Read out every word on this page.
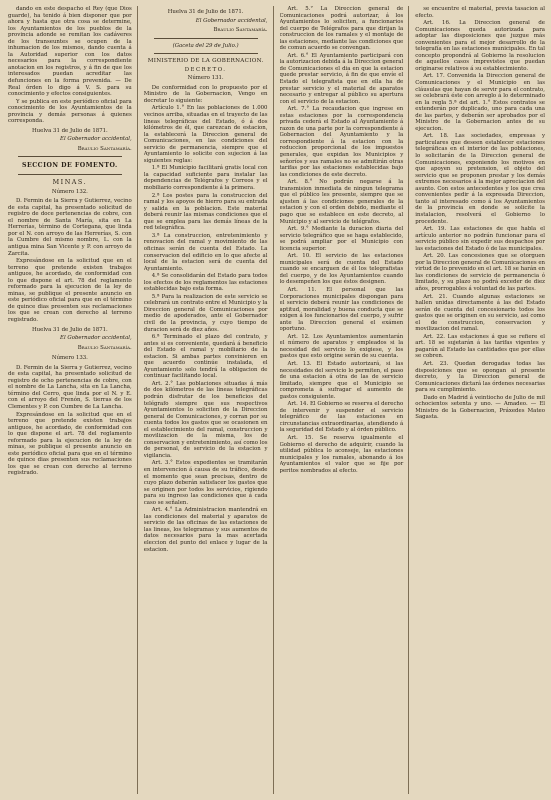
dando en este despacho el Rey (que Dios guarde), ha tenido á bien disponer que por ahora y hasta que otra cosa se determine, los Ayuntamientos de los pueblos de la provincia adonde se remitan los cadáveres de los transeuntes se ocupen de la inhumacion de los mismos, dando cuenta á la Autoridad superior con los datos necesarios para la correspondiente anotacion en los registros, y á fin de que los interesados puedan acreditar las defunciones en la forma prevenida. — De Real órden lo digo á V. S. para su conocimiento y efectos consiguientes.

Y se publica en este periódico oficial para conocimiento de los Ayuntamientos de la provincia y demás personas á quienes corresponda.

Huelva 31 de Julio de 1871.

El Gobernador accidental,

Braulio Santamaría.

SECCION DE FOMENTO.
MINAS.
Número 132.

D. Fermin de la Sierra y Gutierrez, vecino de esta capital, ha presentado solicitud de registro de doce pertenencias de cobre, con el nombre de Santa María, sita en La Herrerías, término de Cortegana, que linda por el N. con arroyo de las Herrerías, S. con la Cumbre del mismo nombre, L. con la antigua mina San Vicente y P. con arroyo de Zarcita.

Expresándose en la solicitud que en el terreno que pretende existen trabajos antiguos, he acordado, de conformidad con lo que dispone el art. 78 del reglamento reformado para la ejecucion de la ley de minas, se publique el presente anuncio en este periódico oficial para que en el término de quince dias presenten sus reclamaciones los que se crean con derecho al terreno registrado.

Huelva 31 de Julio de 1871.

El Gobernador accidental,

Braulio Santamaría.

Número 133.

D. Fermin de la Sierra y Gutierrez, vecino de esta capital, ha presentado solicitud de registro de ocho pertenencias de cobre, con el nombre de La Lancha, sita en La Lancha, término del Cerro, que linda por el N. y E. con el arroyo del Frenón, S. tierras de los Clementes y P. con Cumbre de La Lancha.

Expresándose en la solicitud que en el terreno que pretende existen trabajos antiguos, he acordado, de conformidad con lo que dispone el art. 78 del reglamento reformado para la ejecucion de la ley de minas, se publique el presente anuncio en este periódico oficial para que en el término de quince dias presenten sus reclamaciones los que se crean con derecho al terreno registrado.

Huelva 31 de Julio de 1871.

El Gobernador accidental,

Braulio Santamaría.

(Gaceta del 29 de Julio.)
MINISTERIO DE LA GOBERNACION.
DECRETO.
Número 131.

De conformidad con lo propuesto por el Ministro de la Gobernacion, Vengo en decretar lo siguiente:

Artículo 1.° En las poblaciones de 1.000 vecinos arriba, situadas en el trayecto de las lineas telegráficas del Estado, ó á dos kilómetros de él, que carezcan de estacion, la establecerá la Direccion general de Comunicaciones, en las condiciones del servicio de permanencia, siempre que el Ayuntamiento lo solicite con sujecion á las siguientes reglas:

1.ª El Municipio facilitará gratis local con la capacidad suficiente para instalar las dependencias de Telégrafos y Correos y el mobiliario correspondiente á la primera.

2.ª Los postes para la construccion del ramal y los apoyos de hierro para su entrada y salida en la poblacion. Este material deberá reunir las mismas condiciones que el que se emplea para las demás líneas de la red telegráfica.

3.ª La construccion, entretenimiento y renovacion del ramal y movimiento de las oficinas serán de cuenta del Estado. La conservacion del edificio en lo que afecte al local de la estacion será de cuenta del Ayuntamiento.

4.ª Se consolidarán del Estado para todos los efectos de los reglamentos las estaciones establecidas bajo esta forma.

5.ª Para la realizacion de este servicio se celebrará un contrato entre el Municipio y la Direccion general de Comunicaciones por medio de apoderados, ante el Gobernador civil de la provincia, y cuyo tiempo de duracion será de diez años.

6.ª Terminado el plazo del contrato, y antes si es conveniente, quedará á beneficio del Estado el ramal y mobiliario de la estacion. Si ambas partes convinieren en que acuerdo continúe instalada, el Ayuntamiento solo tendrá la obligacion de continuar facilitando local.

Art. 2.° Las poblaciones situadas á más de dos kilómetros de las lineas telegráficas podrán disfrutar de los beneficios del telégrafo siempre que sus respectivos Ayuntamientos lo soliciten de la Direccion general de Comunicaciones, y corran por su cuenta todos los gastos que se ocasionen en el establecimiento del ramal, construccion y movilizacion de la misma, los de conservacion y entretenimiento, así como los de personal, de servicio de la estacion y vigilancia.

Art. 3.° Estos expedientes se tramitarán en intervencion á causa de su tráfico, desde el momento que sean precisas, dentro de cuyo plazo deberán satisfacer los gastos que se originen por todos los servicios, rigiendo para su ingreso las condiciones que á cada caso se señalen.

Art. 4.° La Administracion mantendrá en las condiciones del material y aparatos de servicio de las oficinas de las estaciones de las lineas, los telegramas y sus aumentos de datos necesarios para la mas acertada eleccion del punto del enlace y lugar de la estacion.

Art. 5.° La Direccion general de Comunicaciones podrá autorizar, á los Ayuntamientos lo soliciten, a funcionarios del cuerpo de Telégrafos para que dirijan la construccion de los ramales y el montaje de las estaciones, mediante las condiciones que de comun acuerdo se convengan.

Art. 6.° El Ayuntamiento participará con la autorizacion debida á la Direccion general de Comunicaciones el dia en que la estacion quede prestar servicio, á fin de que envíe el Estado el telegrafista que en ella ha de prestar servicio y el material de aparatos necesario y entregar al público su apertura con el servicio de la estacion.

Art. 7.° La recaudacion que ingrese en estas estaciones por la correspondencia privada cederá el Estado al Ayuntamiento á razon de una parte por la correspondiente á Gobernacion del Ayuntamiento y la correspondiente á la estacion con la reduccion proporcional de los impuestos generales, que expidan los Municipios y señoríos y sus ramales no se admitirán otras tarifas por las estaciones establecidas bajo las condiciones de este decreto.

Art. 8.° No podrán negarse á la transmision inmediata de ningun telegrama que el público les presente, siempre que se ajusten á las condiciones generales de la estacion y con el orden debido, mediante el pago que se establece en este decreto, al Municipio y al servicio de telégrafos.

Art. 9.° Mediante la duracion diaria del servicio telegráfico que se haga establecido, se podrá ampliar por el Municipio con licencia superior.

Art. 10. El servicio de las estaciones municipales será de cuenta del Estado cuando se encarguen de él los telegrafistas del cuerpo, y de los Ayuntamientos cuando lo desempeñen los que éstos designen.

Art. 11. El personal que las Corporaciones municipales dispongan para el servicio deberá reunir las condiciones de aptitud, moralidad y buena conducta que se exigen á los funcionarios del cuerpo, y sufrir ante la Direccion general el exámen oportuno.

Art. 12. Los Ayuntamientos aumentarán el número de aparatos y empleados si la necesidad del servicio lo exigiese, y los gastos que esto origine serán de su cuenta.

Art. 13. El Estado autorizará, si las necesidades del servicio lo permiten, el paso de una estacion á otra de las de servicio limitado, siempre que el Municipio se comprometa á sufragar el aumento de gastos consiguiente.

Art. 14. El Gobierno se reserva el derecho de intervenir y suspender el servicio telegráfico de las estaciones en circunstancias extraordinarias, atendiendo á la seguridad del Estado y al órden público.

Art. 15. Se reserva igualmente el Gobierno el derecho de adquirir, cuando la utilidad pública lo aconseje, las estaciones municipales y los ramales, abonando á los Ayuntamientos el valor que se fije por peritos nombrados al efecto.

se encuentre el material, previa tasacion al efecto.

Art. 16. La Direccion general de Comunicaciones queda autorizada para adoptar las disposiciones que juzgue más convenientes para el mejor desarrollo de la telegrafía en las estaciones municipales. En tal concepto propondrá al Gobierno la resolucion de aquellos casos imprevistos que puedan originarse relativos á su establecimiento.

Art. 17. Convenida la Direccion general de Comunicaciones y el Municipio en las cláusulas que hayan de servir para el contrato, se celebrará éste con arreglo á lo determinado en la regla 5.ª del art. 1.° Estos contratos se extenderán por duplicado, uno para cada una de las partes, y deberán ser aprobados por el Ministro de la Gobernacion antes de su ejecucion.

Art. 18. Las sociedades, empresas y particulares que deseen establecer estaciones telegráficas en el interior de las poblaciones, lo solicitarán de la Direccion general de Comunicaciones, exponiendo los motivos en que apoyen su pretension, el objeto del servicio que se proponen prestar y los demás extremos necesarios á la mejor apreciacion del asunto. Con estos antecedentes y los que crea convenientes pedir á la expresada Direccion, tanto al interesado como á los Ayuntamientos de la provincia en donde se solicite la instalacion, resolverá el Gobierno lo procedente.

Art. 19. Las estaciones de que habla el artículo anterior no podrán funcionar para el servicio público sin expedir sus despachos por las estaciones del Estado ó de las municipales.

Art. 20. Las concesiones que se otorguen por la Direccion general de Comunicaciones en virtud de lo prevenido en el art. 18 se harán en las condiciones de servicio de permanencia ó limitado, y su plazo no podrá exceder de diez años, prorrogables á voluntad de las partes.

Art. 21. Cuando algunas estaciones se hallen unidas directamente á las del Estado serán de cuenta del concesionario todos los gastos que se originen en su servicio, así como el de construccion, conservacion y movilizacion del ramal.

Art. 22. Las estaciones á que se refiere el art. 18 se sujetarán á las tarifas vigentes y pagarán al Estado las cantidades que por ellas se cobren.

Art. 23. Quedan derogadas todas las disposiciones que se opongan al presente decreto, y la Direccion general de Comunicaciones dictará las órdenes necesarias para su cumplimiento.

Dado en Madrid á veintiocho de Julio de mil ochocientos setenta y uno. — Amadeo. — El Ministro de la Gobernacion, Práxedes Mateo Sagasta.
